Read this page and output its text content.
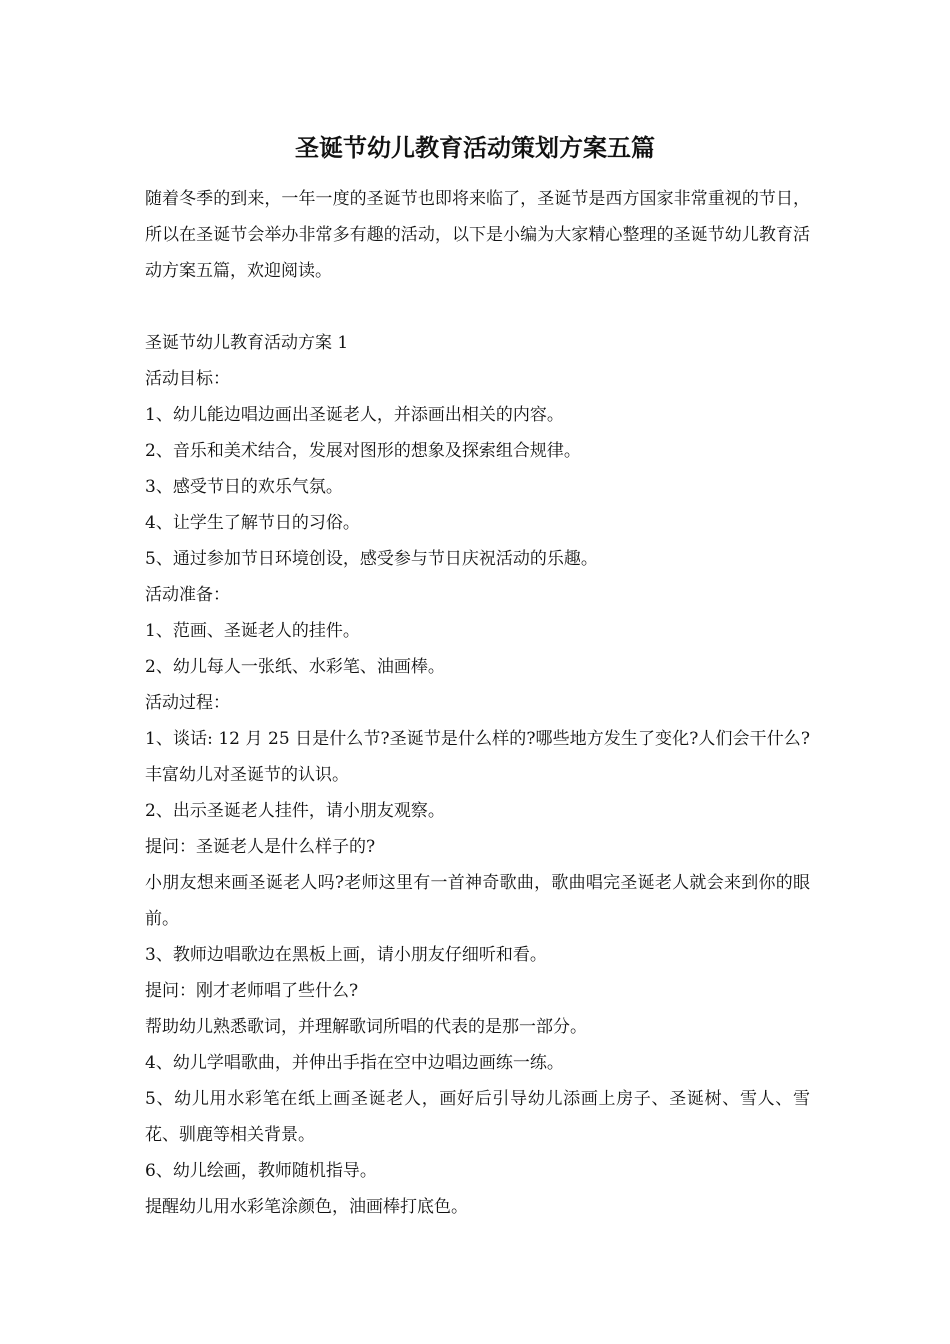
圣诞节幼儿教育活动策划方案五篇

随着冬季的到来，一年一度的圣诞节也即将来临了，圣诞节是西方国家非常重视的节日，所以在圣诞节会举办非常多有趣的活动，以下是小编为大家精心整理的圣诞节幼儿教育活动方案五篇，欢迎阅读。

圣诞节幼儿教育活动方案 1

活动目标：

1、幼儿能边唱边画出圣诞老人，并添画出相关的内容。

2、音乐和美术结合，发展对图形的想象及探索组合规律。

3、感受节日的欢乐气氛。

4、让学生了解节日的习俗。

5、通过参加节日环境创设，感受参与节日庆祝活动的乐趣。

活动准备：

1、范画、圣诞老人的挂件。

2、幼儿每人一张纸、水彩笔、油画棒。

活动过程：

1、谈话: 12 月 25 日是什么节?圣诞节是什么样的?哪些地方发生了变化?人们会干什么?丰富幼儿对圣诞节的认识。

2、出示圣诞老人挂件，请小朋友观察。

提问：圣诞老人是什么样子的?

小朋友想来画圣诞老人吗?老师这里有一首神奇歌曲，歌曲唱完圣诞老人就会来到你的眼前。

3、教师边唱歌边在黑板上画，请小朋友仔细听和看。

提问：刚才老师唱了些什么?

帮助幼儿熟悉歌词，并理解歌词所唱的代表的是那一部分。

4、幼儿学唱歌曲，并伸出手指在空中边唱边画练一练。

5、幼儿用水彩笔在纸上画圣诞老人，画好后引导幼儿添画上房子、圣诞树、雪人、雪花、驯鹿等相关背景。

6、幼儿绘画，教师随机指导。

提醒幼儿用水彩笔涂颜色，油画棒打底色。
